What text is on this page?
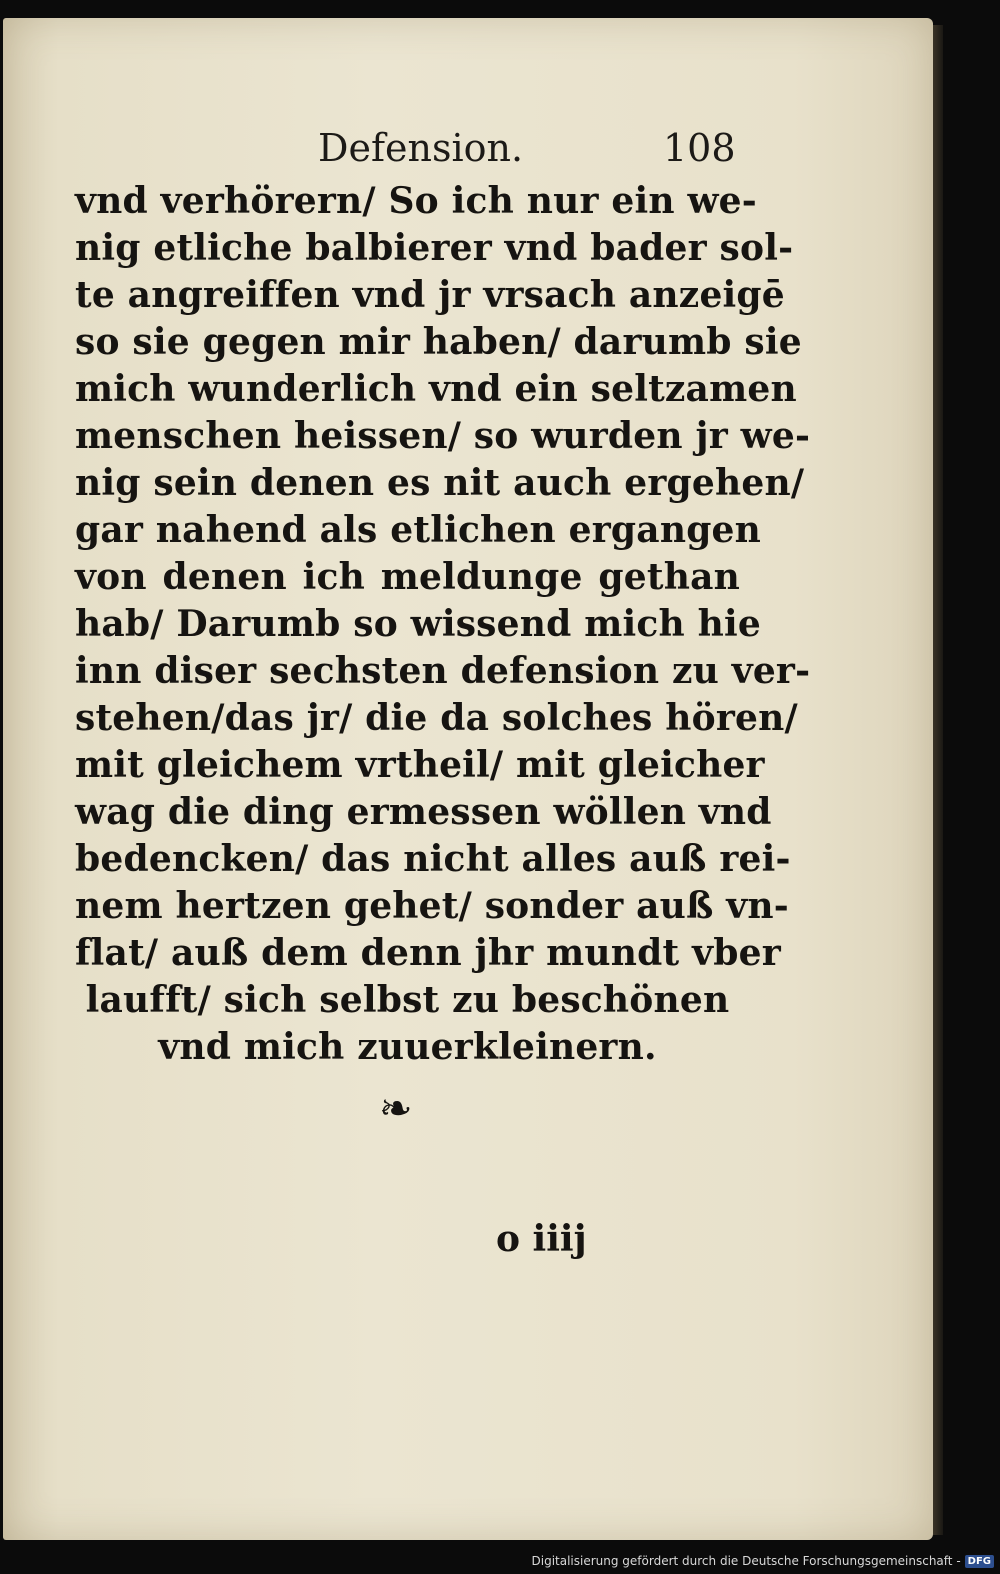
Defension.	108
vnd verhörern/ So ich nur ein we-
nig etliche balbierer vnd bader sol-
te angreiffen vnd jr vrsach anzeigē
so sie gegen mir haben/ darumb sie
mich wunderlich vnd ein seltzamen
menschen heissen/ so wurden jr we-
nig sein denen es nit auch ergehen/
gar nahend als etlichen ergangen
von denen ich meldunge gethan
hab/ Darumb so wissend mich hie
inn diser sechsten defension zu ver-
stehen/das jr/ die da solches hören/
mit gleichem vrtheil/ mit gleicher
wag die ding ermessen wöllen vnd
bedencken/ das nicht alles auß rei-
nem hertzen gehet/ sonder auß vn-
flat/ auß dem denn jhr mundt vber
laufft/ sich selbst zu beschönen
vnd mich zuuerkleinern.
❧
o iiij
Digitalisierung gefördert durch die Deutsche Forschungsgemeinschaft - DFG
